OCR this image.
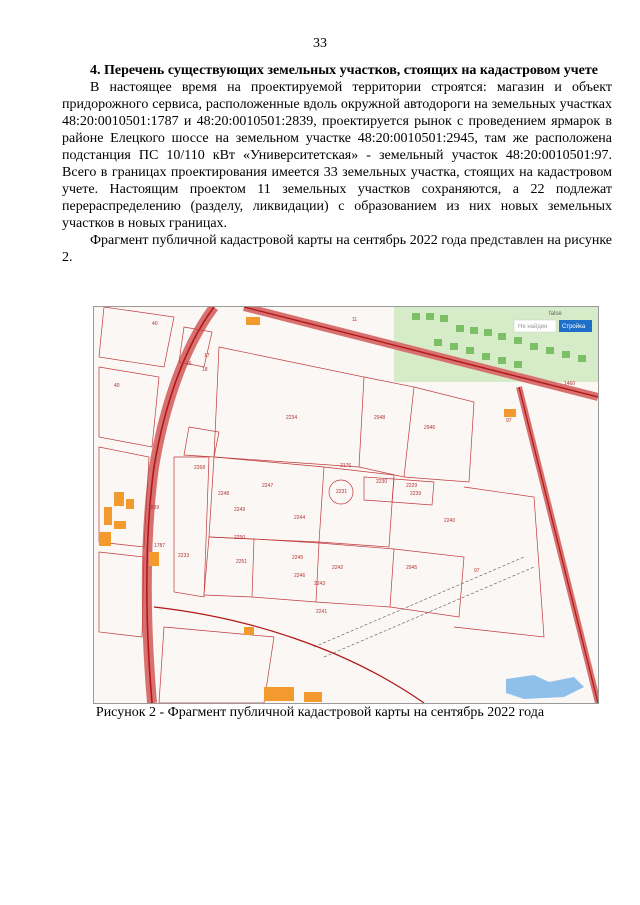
33

4. Перечень существующих земельных участков, стоящих на кадастровом учете

В настоящее время на проектируемой территории строятся: магазин и объект придорожного сервиса, расположенные вдоль окружной автодороги на земельных участках 48:20:0010501:1787 и 48:20:0010501:2839, проектируется рынок с проведением ярмарок в районе Елецкого шоссе на земельном участке 48:20:0010501:2945, там же расположена подстанция ПС 10/110 кВт «Университетская» - земельный участок 48:20:0010501:97. Всего в границах проектирования имеется 33 земельных участка, стоящих на кадастровом учете. Настоящим проектом 11 земельных участков сохраняются, а 22 подлежат перераспределению (разделу, ликвидации) с образованием из них новых земельных участков в новых границах.

Фрагмент публичной кадастровой карты на сентябрь 2022 года представлен на рисунке 2.

false
Не найден Стройка
40
11
2234	2948
2946
97
2176
2231
2230
2229
2239
2240
2268
2247
2248
2249
2244
2245
2250
2251
2246
2242
2243
2241
2233
2839
1787
97
2945
17
16
18
40	1460

Рисунок 2 - Фрагмент публичной кадастровой карты на сентябрь 2022 года
